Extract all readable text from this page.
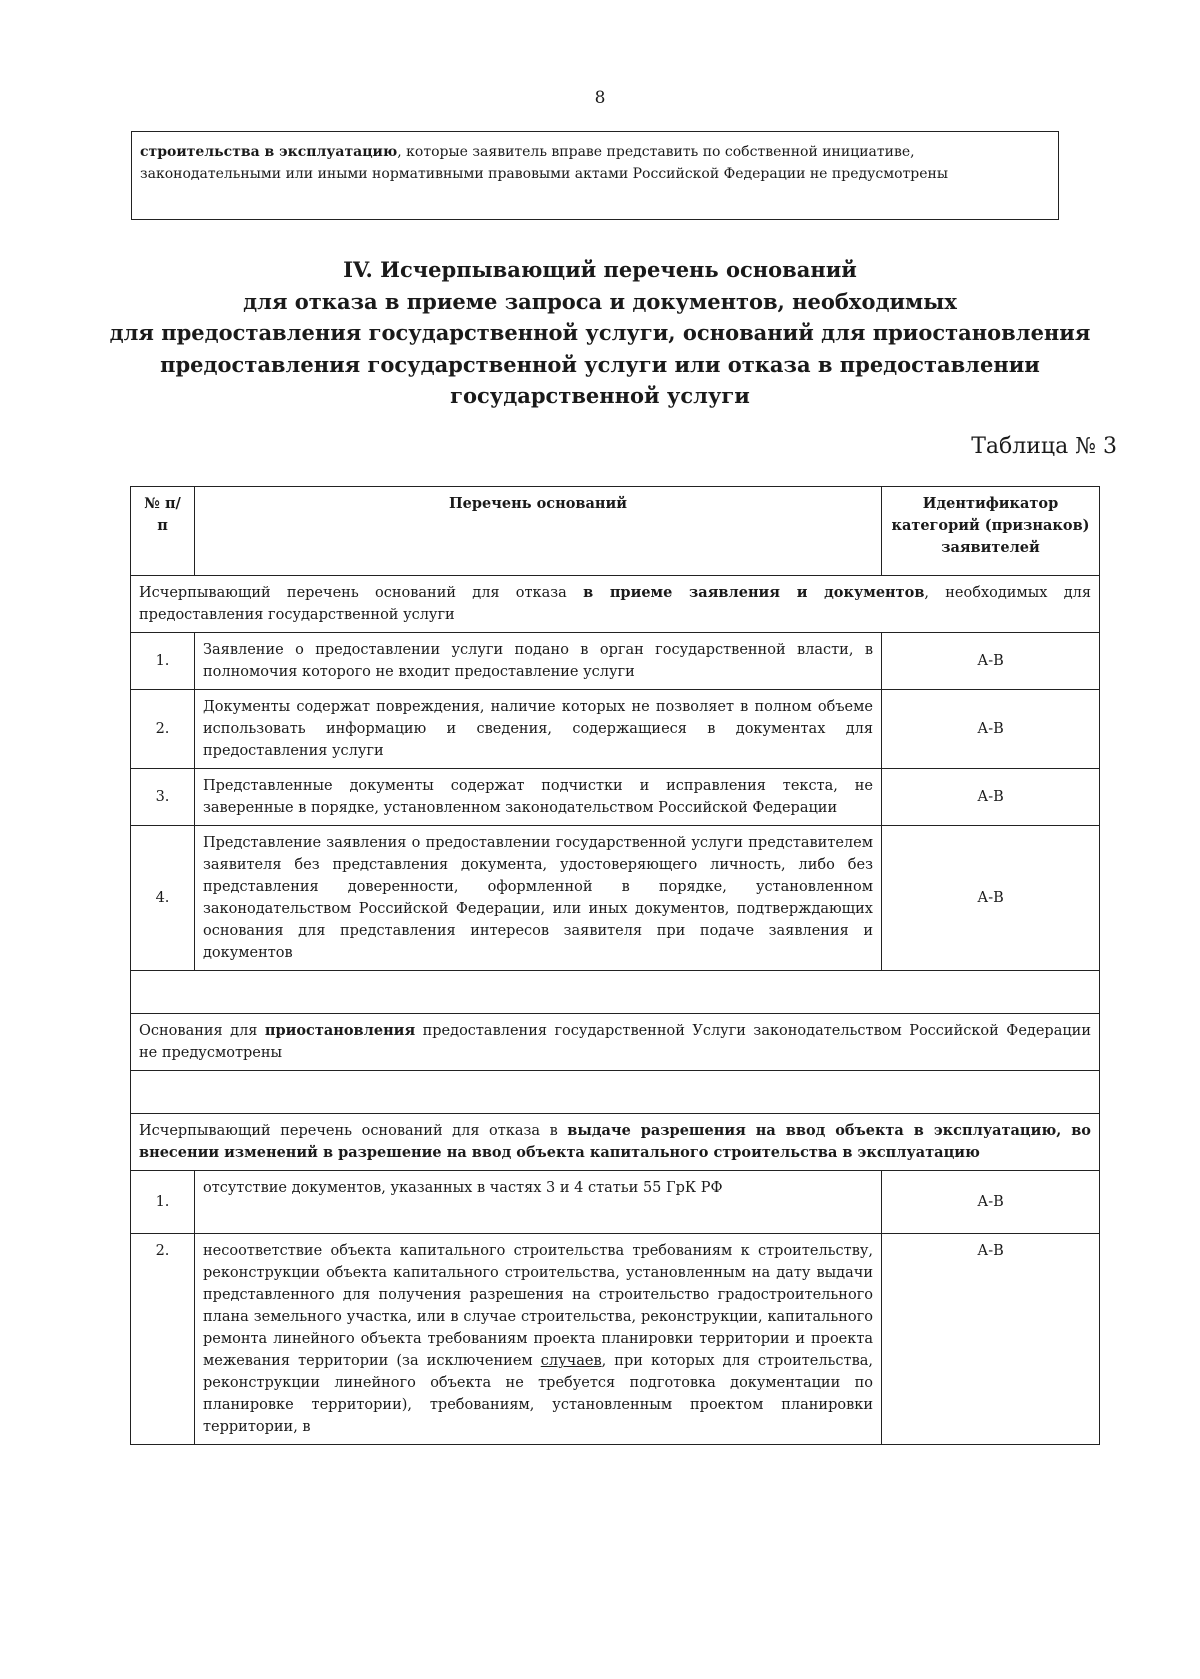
8
строительства в эксплуатацию, которые заявитель вправе представить по собственной инициативе, законодательными или иными нормативными правовыми актами Российской Федерации не предусмотрены
IV. Исчерпывающий перечень оснований
для отказа в приеме запроса и документов, необходимых
для предоставления государственной услуги, оснований для приостановления
предоставления государственной услуги или отказа в предоставлении
государственной услуги
Таблица № 3
№ п/п	Перечень оснований	Идентификатор категорий (признаков) заявителей
Исчерпывающий перечень оснований для отказа в приеме заявления и документов, необходимых для предоставления государственной услуги		
1.	Заявление о предоставлении услуги подано в орган государственной власти, в полномочия которого не входит предоставление услуги	А-В
2.	Документы содержат повреждения, наличие которых не позволяет в полном объеме использовать информацию и сведения, содержащиеся в документах для предоставления услуги	А-В
3.	Представленные документы содержат подчистки и исправления текста, не заверенные в порядке, установленном законодательством Российской Федерации	А-В
4.	Представление заявления о предоставлении государственной услуги представителем заявителя без представления документа, удостоверяющего личность, либо без представления доверенности, оформленной в порядке, установленном законодательством Российской Федерации, или иных документов, подтверждающих основания для представления интересов заявителя при подаче заявления и документов	А-В

Основания для приостановления предоставления государственной Услуги законодательством Российской Федерации не предусмотрены		

Исчерпывающий перечень оснований для отказа в выдаче разрешения на ввод объекта в эксплуатацию, во внесении изменений в разрешение на ввод объекта капитального строительства в эксплуатацию		
1.	отсутствие документов, указанных в частях 3 и 4 статьи 55 ГрК РФ	А-В
2.	несоответствие объекта капитального строительства требованиям к строительству, реконструкции объекта капитального строительства, установленным на дату выдачи представленного для получения разрешения на строительство градостроительного плана земельного участка, или в случае строительства, реконструкции, капитального ремонта линейного объекта требованиям проекта планировки территории и проекта межевания территории (за исключением случаев, при которых для строительства, реконструкции линейного объекта не требуется подготовка документации по планировке территории), требованиям, установленным проектом планировки территории, в	А-В
